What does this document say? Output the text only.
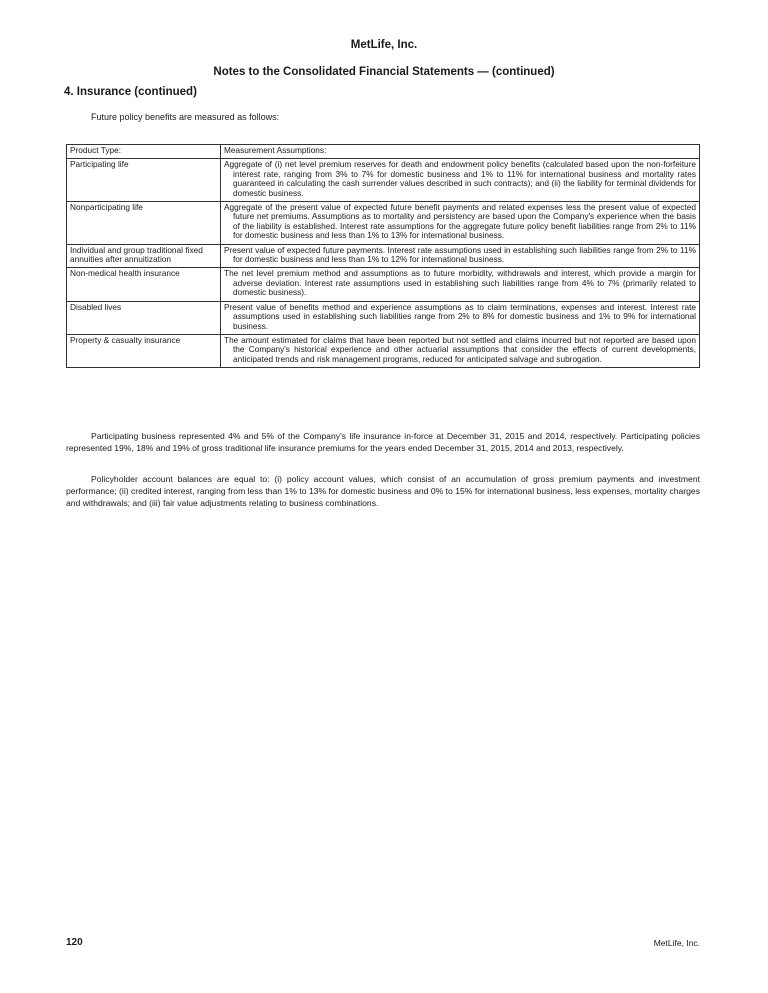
MetLife, Inc.
Notes to the Consolidated Financial Statements — (continued)
4. Insurance (continued)
Future policy benefits are measured as follows:
Product Type:	Measurement Assumptions:
Participating life	Aggregate of (i) net level premium reserves for death and endowment policy benefits (calculated based upon the non-forfeiture interest rate, ranging from 3% to 7% for domestic business and 1% to 11% for international business and mortality rates guaranteed in calculating the cash surrender values described in such contracts); and (ii) the liability for terminal dividends for domestic business.
Nonparticipating life	Aggregate of the present value of expected future benefit payments and related expenses less the present value of expected future net premiums. Assumptions as to mortality and persistency are based upon the Company's experience when the basis of the liability is established. Interest rate assumptions for the aggregate future policy benefit liabilities range from 2% to 11% for domestic business and less than 1% to 13% for international business.
Individual and group traditional fixed annuities after annuitization	Present value of expected future payments. Interest rate assumptions used in establishing such liabilities range from 2% to 11% for domestic business and less than 1% to 12% for international business.
Non-medical health insurance	The net level premium method and assumptions as to future morbidity, withdrawals and interest, which provide a margin for adverse deviation. Interest rate assumptions used in establishing such liabilities range from 4% to 7% (primarily related to domestic business).
Disabled lives	Present value of benefits method and experience assumptions as to claim terminations, expenses and interest. Interest rate assumptions used in establishing such liabilities range from 2% to 8% for domestic business and 1% to 9% for international business.
Property & casualty insurance	The amount estimated for claims that have been reported but not settled and claims incurred but not reported are based upon the Company's historical experience and other actuarial assumptions that consider the effects of current developments, anticipated trends and risk management programs, reduced for anticipated salvage and subrogation.

Participating business represented 4% and 5% of the Company's life insurance in-force at December 31, 2015 and 2014, respectively. Participating policies represented 19%, 18% and 19% of gross traditional life insurance premiums for the years ended December 31, 2015, 2014 and 2013, respectively.

Policyholder account balances are equal to: (i) policy account values, which consist of an accumulation of gross premium payments and investment performance; (ii) credited interest, ranging from less than 1% to 13% for domestic business and 0% to 15% for international business, less expenses, mortality charges and withdrawals; and (iii) fair value adjustments relating to business combinations.

120	MetLife, Inc.
